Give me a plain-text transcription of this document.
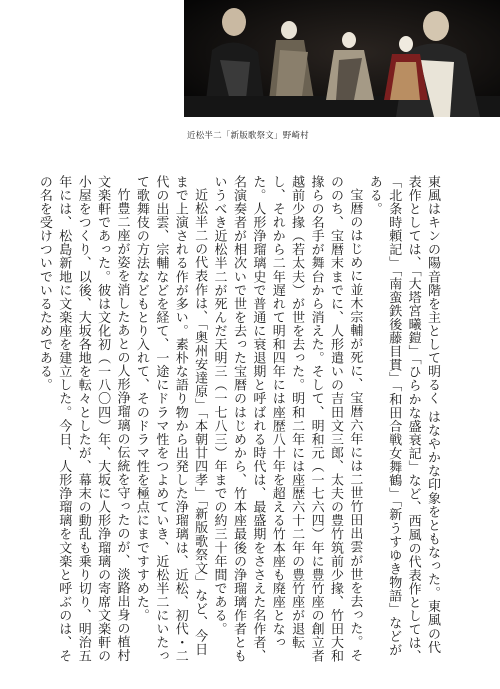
近松半二「新版歌祭文」野崎村

東風はキンの陽音階を主として明るく はなやかな印象をともなった。東風の代表作としては、「大塔宮曦鎧」「ひらかな盛衰記」など、西風の代表作としては、「北条時頼記」「南蛮鉄後藤目貫」「和田合戦女舞鶴」「新うすゆき物語」などがある。

宝暦のはじめに並木宗輔が死に、宝暦六年には二世竹田出雲が世を去った。そののち、宝暦末までに、人形遣いの吉田文三郎、太夫の豊竹筑前少掾、竹田大和掾らの名手が舞台から消えた。そして、明和元（一七六四）年に豊竹座の創立者越前少掾（若太夫）が世を去った。明和二年には座歴六十二年の豊竹座が退転し、それから二年遅れて明和四年には座歴八十年を超える竹本座も廃座となった。人形浄瑠璃史で普通に衰退期と呼ばれる時代は、最盛期をささえた名作者、名演奏者が相次いで世を去った宝暦のはじめから、竹本座最後の浄瑠璃作者ともいうべき近松半二が死んだ天明三（一七八三）年までの約三十年間である。

近松半二の代表作は、「奥州安達原」「本朝廿四孝」「新版歌祭文」など、今日まで上演される作が多い。素朴な語り物から出発した浄瑠璃は、近松、初代・二代の出雲、宗輔などを経て、一途にドラマ性をつよめていき、近松半二にいたって歌舞伎の方法などもとり入れて、そのドラマ性を極点にまですすめた。

竹豊二座が姿を消したあとの人形浄瑠璃の伝統を守ったのが、淡路出身の植村文楽軒であった。彼は文化初（一八〇四）年、大坂に人形浄瑠璃の寄席文楽軒の小屋をつくり、以後、大坂各地を転々としたが、幕末の動乱も乗り切り、明治五年には、松島新地に文楽座を建立した。今日、人形浄瑠璃を文楽と呼ぶのは、その名を受けついでいるためである。
